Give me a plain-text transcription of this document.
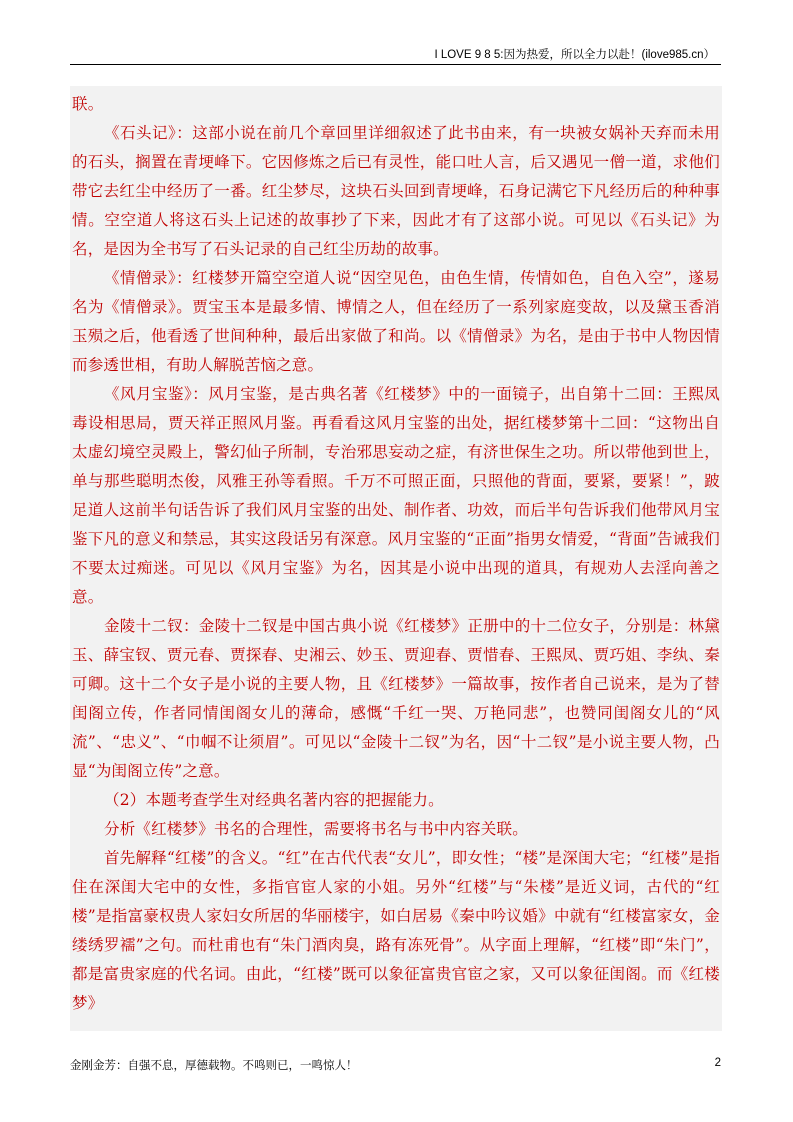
I LOVE 9 8 5:因为热爱，所以全力以赴！(ilove985.cn）

联。

《石头记》：这部小说在前几个章回里详细叙述了此书由来，有一块被女娲补天弃而未用的石头，搁置在青埂峰下。它因修炼之后已有灵性，能口吐人言，后又遇见一僧一道，求他们带它去红尘中经历了一番。红尘梦尽，这块石头回到青埂峰，石身记满它下凡经历后的种种事情。空空道人将这石头上记述的故事抄了下来，因此才有了这部小说。可见以《石头记》为名，是因为全书写了石头记录的自己红尘历劫的故事。

《情僧录》：红楼梦开篇空空道人说“因空见色，由色生情，传情如色，自色入空”，遂易名为《情僧录》。贾宝玉本是最多情、博情之人，但在经历了一系列家庭变故，以及黛玉香消玉殒之后，他看透了世间种种，最后出家做了和尚。以《情僧录》为名，是由于书中人物因情而参透世相，有助人解脱苦恼之意。

《风月宝鉴》：风月宝鉴，是古典名著《红楼梦》中的一面镜子，出自第十二回：王熙凤毒设相思局，贾天祥正照风月鉴。再看看这风月宝鉴的出处，据红楼梦第十二回：“这物出自太虚幻境空灵殿上，警幻仙子所制，专治邪思妄动之症，有济世保生之功。所以带他到世上，单与那些聪明杰俊，风雅王孙等看照。千万不可照正面，只照他的背面，要紧，要紧！”，跛足道人这前半句话告诉了我们风月宝鉴的出处、制作者、功效，而后半句告诉我们他带风月宝鉴下凡的意义和禁忌，其实这段话另有深意。风月宝鉴的“正面”指男女情爱，“背面”告诫我们不要太过痴迷。可见以《风月宝鉴》为名，因其是小说中出现的道具，有规劝人去淫向善之意。

金陵十二钗：金陵十二钗是中国古典小说《红楼梦》正册中的十二位女子，分别是：林黛玉、薛宝钗、贾元春、贾探春、史湘云、妙玉、贾迎春、贾惜春、王熙凤、贾巧姐、李纨、秦可卿。这十二个女子是小说的主要人物，且《红楼梦》一篇故事，按作者自己说来，是为了替闺阁立传，作者同情闺阁女儿的薄命，感慨“千红一哭、万艳同悲”，也赞同闺阁女儿的“风流”、“忠义”、“巾帼不让须眉”。可见以“金陵十二钗”为名，因“十二钗”是小说主要人物，凸显“为闺阁立传”之意。

（2）本题考查学生对经典名著内容的把握能力。

分析《红楼梦》书名的合理性，需要将书名与书中内容关联。

首先解释“红楼”的含义。“红”在古代代表“女儿”，即女性；“楼”是深闺大宅；“红楼”是指住在深闺大宅中的女性，多指官宦人家的小姐。另外“红楼”与“朱楼”是近义词，古代的“红楼”是指富豪权贵人家妇女所居的华丽楼宇，如白居易《秦中吟议婚》中就有“红楼富家女，金缕绣罗襦”之句。而杜甫也有“朱门酒肉臭，路有冻死骨”。从字面上理解，“红楼”即“朱门”，都是富贵家庭的代名词。由此，“红楼”既可以象征富贵官宦之家，又可以象征闺阁。而《红楼梦》

金刚金芳：自强不息，厚德载物。不鸣则已，一鸣惊人！	2
